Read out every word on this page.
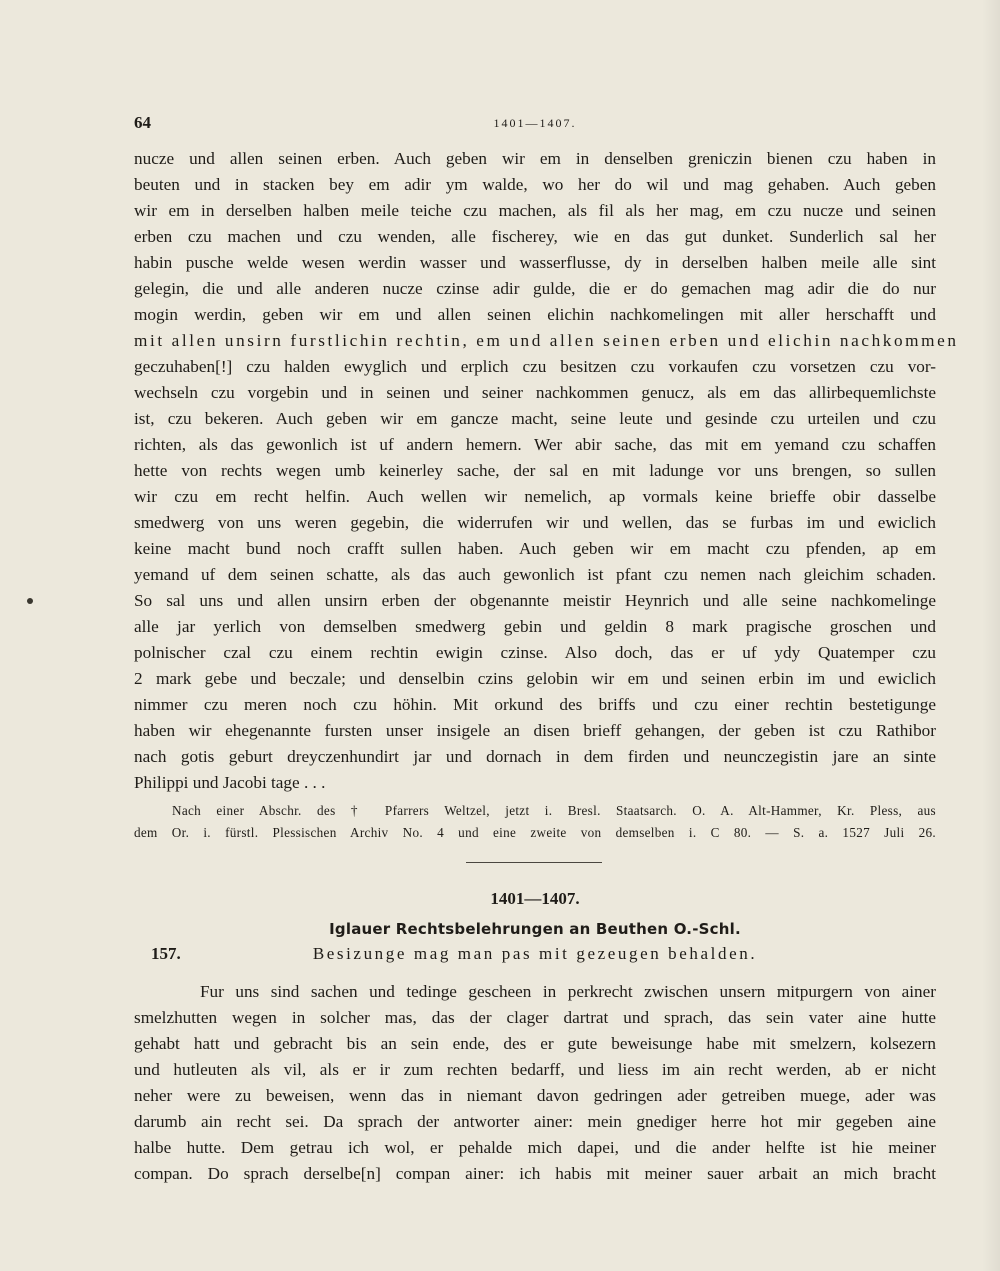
64	1401—1407.
nucze und allen seinen erben. Auch geben wir em in denselben greniczin bienen czu haben in
beuten und in stacken bey em adir ym walde, wo her do wil und mag gehaben. Auch geben
wir em in derselben halben meile teiche czu machen, als fil als her mag, em czu nucze und seinen
erben czu machen und czu wenden, alle fischerey, wie en das gut dunket. Sunderlich sal her
habin pusche welde wesen werdin wasser und wasserflusse, dy in derselben halben meile alle sint
gelegin, die und alle anderen nucze czinse adir gulde, die er do gemachen mag adir die do nur
mogin werdin, geben wir em und allen seinen elichin nachkomelingen mit aller herschafft und
mit allen unsirn furstlichin rechtin, em und allen seinen erben und elichin nachkommen
geczuhaben[!] czu halden ewyglich und erplich czu besitzen czu vorkaufen czu vorsetzen czu vor-
wechseln czu vorgebin und in seinen und seiner nachkommen genucz, als em das allirbequemlichste
ist, czu bekeren. Auch geben wir em gancze macht, seine leute und gesinde czu urteilen und czu
richten, als das gewonlich ist uf andern hemern. Wer abir sache, das mit em yemand czu schaffen
hette von rechts wegen umb keinerley sache, der sal en mit ladunge vor uns brengen, so sullen
wir czu em recht helfin. Auch wellen wir nemelich, ap vormals keine brieffe obir dasselbe
smedwerg von uns weren gegebin, die widerrufen wir und wellen, das se furbas im und ewiclich
keine macht bund noch crafft sullen haben. Auch geben wir em macht czu pfenden, ap em
yemand uf dem seinen schatte, als das auch gewonlich ist pfant czu nemen nach gleichim schaden.
So sal uns und allen unsirn erben der obgenannte meistir Heynrich und alle seine nachkomelinge
alle jar yerlich von demselben smedwerg gebin und geldin 8 mark pragische groschen und
polnischer czal czu einem rechtin ewigin czinse. Also doch, das er uf ydy Quatemper czu
2 mark gebe und beczale; und denselbin czins gelobin wir em und seinen erbin im und ewiclich
nimmer czu meren noch czu höhin. Mit orkund des briffs und czu einer rechtin bestetigunge
haben wir ehegenannte fursten unser insigele an disen brieff gehangen, der geben ist czu Rathibor
nach gotis geburt dreyczenhundirt jar und dornach in dem firden und neunczegistin jare an sinte
Philippi und Jacobi tage . . .
Nach einer Abschr. des † Pfarrers Weltzel, jetzt i. Bresl. Staatsarch. O. A. Alt-Hammer, Kr. Pless, aus
dem Or. i. fürstl. Plessischen Archiv No. 4 und eine zweite von demselben i. C 80. — S. a. 1527 Juli 26.
1401—1407.
Iglauer Rechtsbelehrungen an Beuthen O.-Schl.
Besizunge mag man pas mit gezeugen behalden.
157.
Fur uns sind sachen und tedinge gescheen in perkrecht zwischen unsern mitpurgern von ainer
smelzhutten wegen in solcher mas, das der clager dartrat und sprach, das sein vater aine hutte
gehabt hatt und gebracht bis an sein ende, des er gute beweisunge habe mit smelzern, kolsezern
und hutleuten als vil, als er ir zum rechten bedarff, und liess im ain recht werden, ab er nicht
neher were zu beweisen, wenn das in niemant davon gedringen ader getreiben muege, ader was
darumb ain recht sei. Da sprach der antworter ainer: mein gnediger herre hot mir gegeben aine
halbe hutte. Dem getrau ich wol, er pehalde mich dapei, und die ander helfte ist hie meiner
compan. Do sprach derselbe[n] compan ainer: ich habis mit meiner sauer arbait an mich bracht
